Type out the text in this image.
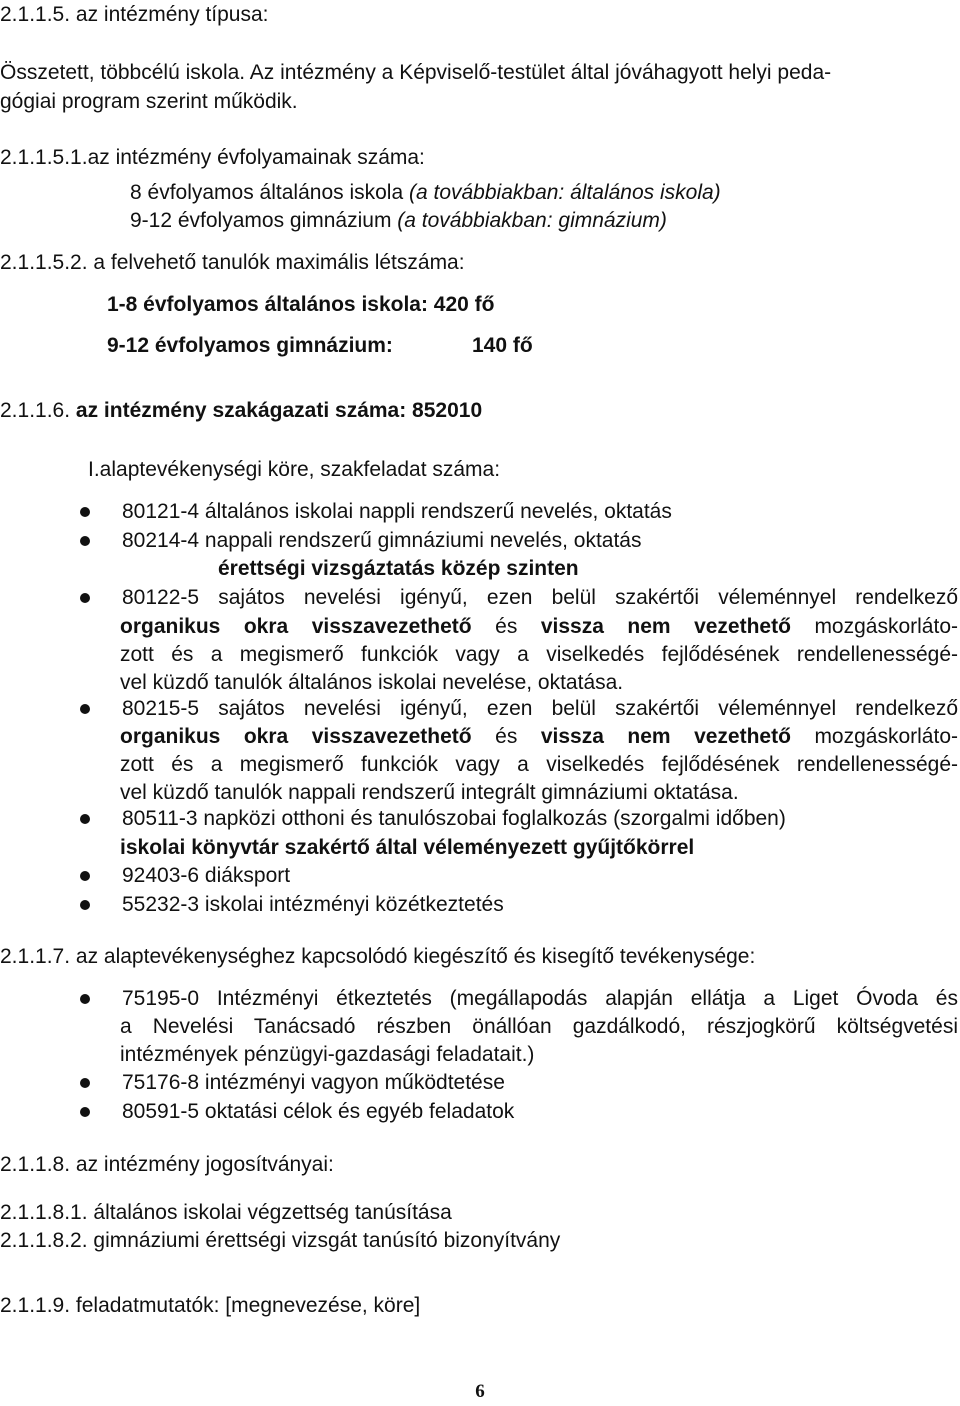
2.1.1.5. az intézmény típusa:
Összetett, többcélú iskola. Az intézmény a Képviselő-testület által jóváhagyott helyi peda-
gógiai program szerint működik.
2.1.1.5.1.az intézmény évfolyamainak száma:
8 évfolyamos általános iskola (a továbbiakban: általános iskola)
9-12 évfolyamos gimnázium (a továbbiakban: gimnázium)
2.1.1.5.2. a felvehető tanulók maximális létszáma:
1-8 évfolyamos általános iskola: 420 fő
9-12 évfolyamos gimnázium:	140 fő
2.1.1.6. az intézmény szakágazati száma: 852010
I.alaptevékenységi köre, szakfeladat száma:
80121-4 általános iskolai nappli rendszerű nevelés, oktatás
80214-4 nappali rendszerű gimnáziumi nevelés, oktatás
érettségi vizsgáztatás közép szinten
80122-5 sajátos nevelési igényű, ezen belül szakértői véleménnyel rendelkező
organikus okra visszavezethető és vissza nem vezethető mozgáskorláto-
zott és a megismerő funkciók vagy a viselkedés fejlődésének rendellenességé-
vel küzdő tanulók általános iskolai nevelése, oktatása.
80215-5 sajátos nevelési igényű, ezen belül szakértői véleménnyel rendelkező
organikus okra visszavezethető és vissza nem vezethető mozgáskorláto-
zott és a megismerő funkciók vagy a viselkedés fejlődésének rendellenességé-
vel küzdő tanulók nappali rendszerű integrált gimnáziumi oktatása.
80511-3 napközi otthoni és tanulószobai foglalkozás (szorgalmi időben)
iskolai könyvtár szakértő által véleményezett gyűjtőkörrel
92403-6 diáksport
55232-3 iskolai intézményi közétkeztetés
2.1.1.7. az alaptevékenységhez kapcsolódó kiegészítő és kisegítő tevékenysége:
75195-0 Intézményi étkeztetés (megállapodás alapján ellátja a Liget Óvoda és
a Nevelési Tanácsadó részben önállóan gazdálkodó, részjogkörű költségvetési
intézmények pénzügyi-gazdasági feladatait.)
75176-8 intézményi vagyon működtetése
80591-5 oktatási célok és egyéb feladatok
2.1.1.8. az intézmény jogosítványai:
2.1.1.8.1. általános iskolai végzettség tanúsítása
2.1.1.8.2. gimnáziumi érettségi vizsgát tanúsító bizonyítvány
2.1.1.9. feladatmutatók: [megnevezése, köre]
6
